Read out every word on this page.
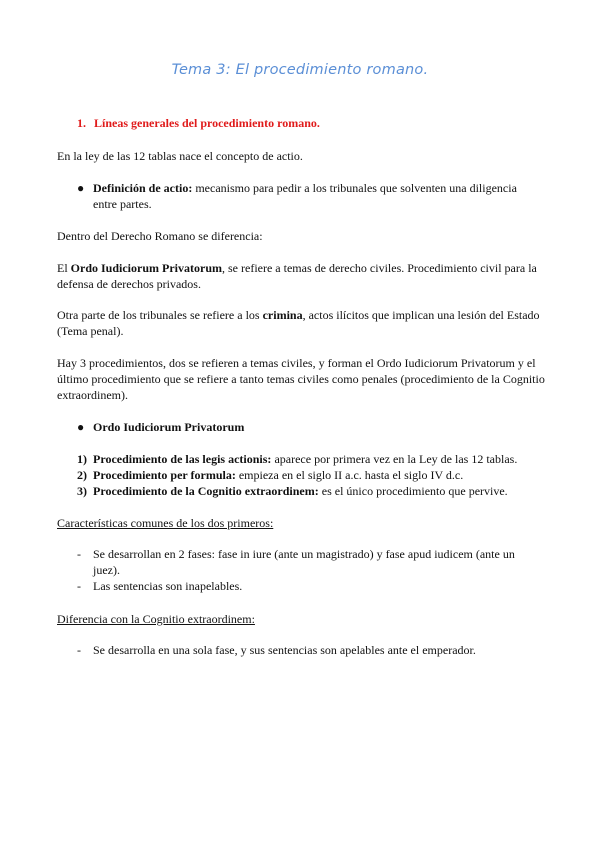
Tema 3: El procedimiento romano.
1. Líneas generales del procedimiento romano.
En la ley de las 12 tablas nace el concepto de actio.
● Definición de actio: mecanismo para pedir a los tribunales que solventen una diligencia entre partes.
Dentro del Derecho Romano se diferencia:
El Ordo Iudiciorum Privatorum, se refiere a temas de derecho civiles. Procedimiento civil para la defensa de derechos privados.
Otra parte de los tribunales se refiere a los crimina, actos ilícitos que implican una lesión del Estado (Tema penal).
Hay 3 procedimientos, dos se refieren a temas civiles, y forman el Ordo Iudiciorum Privatorum y el último procedimiento que se refiere a tanto temas civiles como penales (procedimiento de la Cognitio extraordinem).
● Ordo Iudiciorum Privatorum
1) Procedimiento de las legis actionis: aparece por primera vez en la Ley de las 12 tablas.
2) Procedimiento per formula: empieza en el siglo II a.c. hasta el siglo IV d.c.
3) Procedimiento de la Cognitio extraordinem: es el único procedimiento que pervive.
Características comunes de los dos primeros:
-	Se desarrollan en 2 fases: fase in iure (ante un magistrado) y fase apud iudicem (ante un juez).
-	Las sentencias son inapelables.
Diferencia con la Cognitio extraordinem:
-	Se desarrolla en una sola fase, y sus sentencias son apelables ante el emperador.
